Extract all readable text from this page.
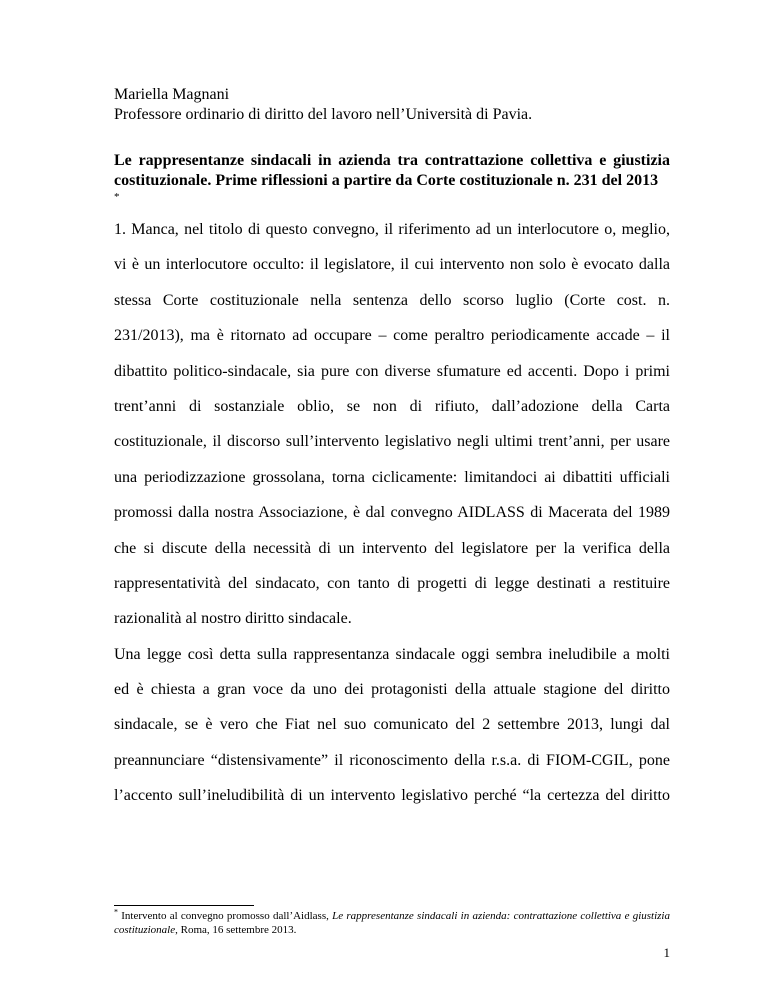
Mariella Magnani
Professore ordinario di diritto del lavoro nell’Università di Pavia.
Le rappresentanze sindacali in azienda tra contrattazione collettiva e giustizia costituzionale. Prime riflessioni a partire da Corte costituzionale n. 231 del 2013
*
1. Manca, nel titolo di questo convegno, il riferimento ad un interlocutore o, meglio,
vi è un interlocutore occulto: il legislatore, il cui intervento non solo è evocato dalla
stessa Corte costituzionale nella sentenza dello scorso luglio (Corte cost. n.
231/2013), ma è ritornato ad occupare – come peraltro periodicamente accade – il
dibattito politico-sindacale, sia pure con diverse sfumature ed accenti. Dopo i primi
trent’anni di sostanziale oblio, se non di rifiuto, dall’adozione della Carta
costituzionale, il discorso sull’intervento legislativo negli ultimi trent’anni, per usare
una periodizzazione grossolana, torna ciclicamente: limitandoci ai dibattiti ufficiali
promossi dalla nostra Associazione, è dal convegno AIDLASS di Macerata del 1989
che si discute della necessità di un intervento del legislatore per la verifica della
rappresentatività del sindacato, con tanto di progetti di legge destinati a restituire
razionalità al nostro diritto sindacale.
Una legge così detta sulla rappresentanza sindacale oggi sembra ineludibile a molti
ed è chiesta a gran voce da uno dei protagonisti della attuale stagione del diritto
sindacale, se è vero che Fiat nel suo comunicato del 2 settembre 2013, lungi dal
preannunciare “distensivamente” il riconoscimento della r.s.a. di FIOM-CGIL, pone
l’accento sull’ineludibilità di un intervento legislativo perché “la certezza del diritto
* Intervento al convegno promosso dall’Aidlass, Le rappresentanze sindacali in azienda: contrattazione collettiva e giustizia costituzionale, Roma, 16 settembre 2013.
1
